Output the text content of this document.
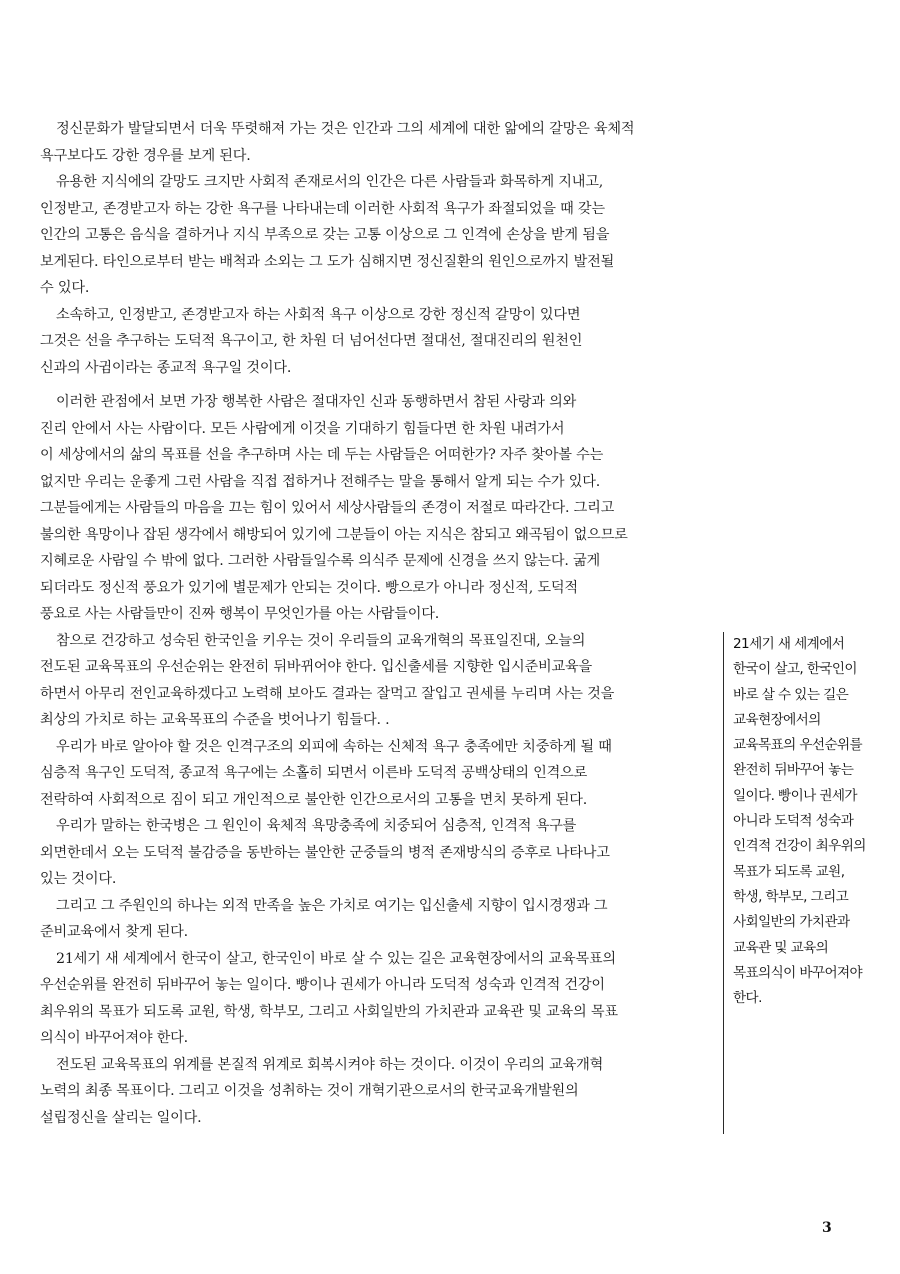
정신문화가 발달되면서 더욱 뚜렷해져 가는 것은 인간과 그의 세계에 대한 앎에의 갈망은 육체적
욕구보다도 강한 경우를 보게 된다.
유용한 지식에의 갈망도 크지만 사회적 존재로서의 인간은 다른 사람들과 화목하게 지내고,
인정받고, 존경받고자 하는 강한 욕구를 나타내는데 이러한 사회적 욕구가 좌절되었을 때 갖는
인간의 고통은 음식을 결하거나 지식 부족으로 갖는 고통 이상으로 그 인격에 손상을 받게 됨을
보게된다. 타인으로부터 받는 배척과 소외는 그 도가 심해지면 정신질환의 원인으로까지 발전될
수 있다.
소속하고, 인정받고, 존경받고자 하는 사회적 욕구 이상으로 강한 정신적 갈망이 있다면
그것은 선을 추구하는 도덕적 욕구이고, 한 차원 더 넘어선다면 절대선, 절대진리의 원천인
신과의 사귐이라는 종교적 욕구일 것이다.
이러한 관점에서 보면 가장 행복한 사람은 절대자인 신과 동행하면서 참된 사랑과 의와
진리 안에서 사는 사람이다. 모든 사람에게 이것을 기대하기 힘들다면 한 차원 내려가서
이 세상에서의 삶의 목표를 선을 추구하며 사는 데 두는 사람들은 어떠한가? 자주 찾아볼 수는
없지만 우리는 운좋게 그런 사람을 직접 접하거나 전해주는 말을 통해서 알게 되는 수가 있다.
그분들에게는 사람들의 마음을 끄는 힘이 있어서 세상사람들의 존경이 저절로 따라간다. 그리고
불의한 욕망이나 잡된 생각에서 해방되어 있기에 그분들이 아는 지식은 참되고 왜곡됨이 없으므로
지혜로운 사람일 수 밖에 없다. 그러한 사람들일수록 의식주 문제에 신경을 쓰지 않는다. 굶게
되더라도 정신적 풍요가 있기에 별문제가 안되는 것이다. 빵으로가 아니라 정신적, 도덕적
풍요로 사는 사람들만이 진짜 행복이 무엇인가를 아는 사람들이다.
참으로 건강하고 성숙된 한국인을 키우는 것이 우리들의 교육개혁의 목표일진대, 오늘의
전도된 교육목표의 우선순위는 완전히 뒤바뀌어야 한다. 입신출세를 지향한 입시준비교육을
하면서 아무리 전인교육하겠다고 노력해 보아도 결과는 잘먹고 잘입고 권세를 누리며 사는 것을
최상의 가치로 하는 교육목표의 수준을 벗어나기 힘들다. .
우리가 바로 알아야 할 것은 인격구조의 외피에 속하는 신체적 욕구 충족에만 치중하게 될 때
심층적 욕구인 도덕적, 종교적 욕구에는 소홀히 되면서 이른바 도덕적 공백상태의 인격으로
전락하여 사회적으로 짐이 되고 개인적으로 불안한 인간으로서의 고통을 면치 못하게 된다.
우리가 말하는 한국병은 그 원인이 육체적 욕망충족에 치중되어 심층적, 인격적 욕구를
외면한데서 오는 도덕적 불감증을 동반하는 불안한 군중들의 병적 존재방식의 증후로 나타나고
있는 것이다.
그리고 그 주원인의 하나는 외적 만족을 높은 가치로 여기는 입신출세 지향이 입시경쟁과 그
준비교육에서 찾게 된다.
21세기 새 세계에서 한국이 살고, 한국인이 바로 살 수 있는 길은 교육현장에서의 교육목표의
우선순위를 완전히 뒤바꾸어 놓는 일이다. 빵이나 권세가 아니라 도덕적 성숙과 인격적 건강이
최우위의 목표가 되도록 교원, 학생, 학부모, 그리고 사회일반의 가치관과 교육관 및 교육의 목표
의식이 바꾸어져야 한다.
전도된 교육목표의 위계를 본질적 위계로 회복시켜야 하는 것이다. 이것이 우리의 교육개혁
노력의 최종 목표이다. 그리고 이것을 성취하는 것이 개혁기관으로서의 한국교육개발원의
설립정신을 살리는 일이다.
21세기 새 세계에서
한국이 살고, 한국인이
바로 살 수 있는 길은
교육현장에서의
교육목표의 우선순위를
완전히 뒤바꾸어 놓는
일이다. 빵이나 권세가
아니라 도덕적 성숙과
인격적 건강이 최우위의
목표가 되도록 교원,
학생, 학부모, 그리고
사회일반의 가치관과
교육관 및 교육의
목표의식이 바꾸어져야
한다.
3
